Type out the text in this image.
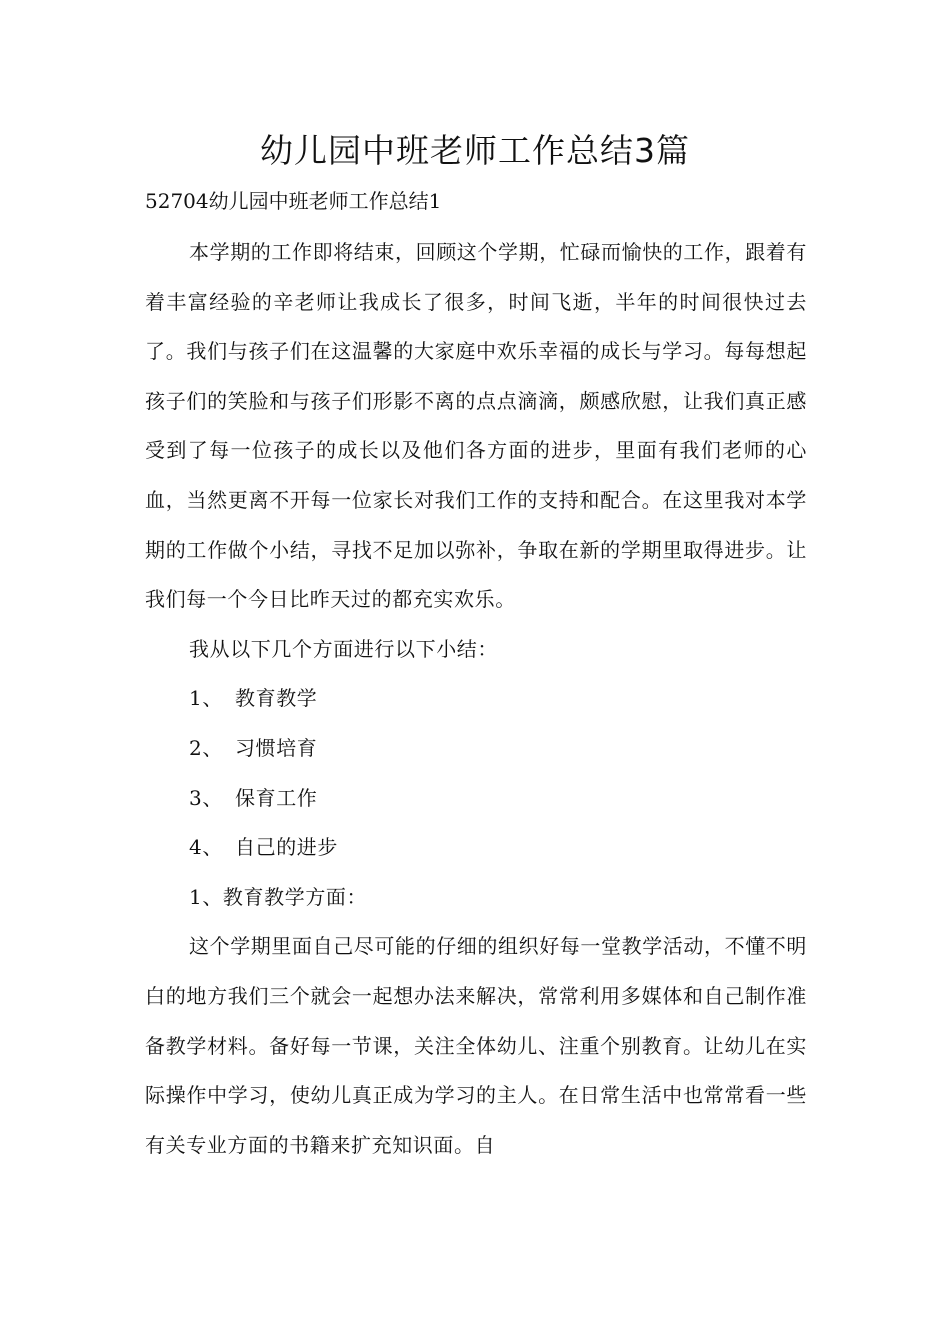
幼儿园中班老师工作总结3篇

52704幼儿园中班老师工作总结1

本学期的工作即将结束，回顾这个学期，忙碌而愉快的工作，跟着有着丰富经验的辛老师让我成长了很多，时间飞逝，半年的时间很快过去了。我们与孩子们在这温馨的大家庭中欢乐幸福的成长与学习。每每想起孩子们的笑脸和与孩子们形影不离的点点滴滴，颇感欣慰，让我们真正感受到了每一位孩子的成长以及他们各方面的进步，里面有我们老师的心血，当然更离不开每一位家长对我们工作的支持和配合。在这里我对本学期的工作做个小结，寻找不足加以弥补，争取在新的学期里取得进步。让我们每一个今日比昨天过的都充实欢乐。

我从以下几个方面进行以下小结：

1、 教育教学

2、 习惯培育

3、 保育工作

4、 自己的进步

1、教育教学方面：

这个学期里面自己尽可能的仔细的组织好每一堂教学活动，不懂不明白的地方我们三个就会一起想办法来解决，常常利用多媒体和自己制作准备教学材料。备好每一节课，关注全体幼儿、注重个别教育。让幼儿在实际操作中学习，使幼儿真正成为学习的主人。在日常生活中也常常看一些有关专业方面的书籍来扩充知识面。自
